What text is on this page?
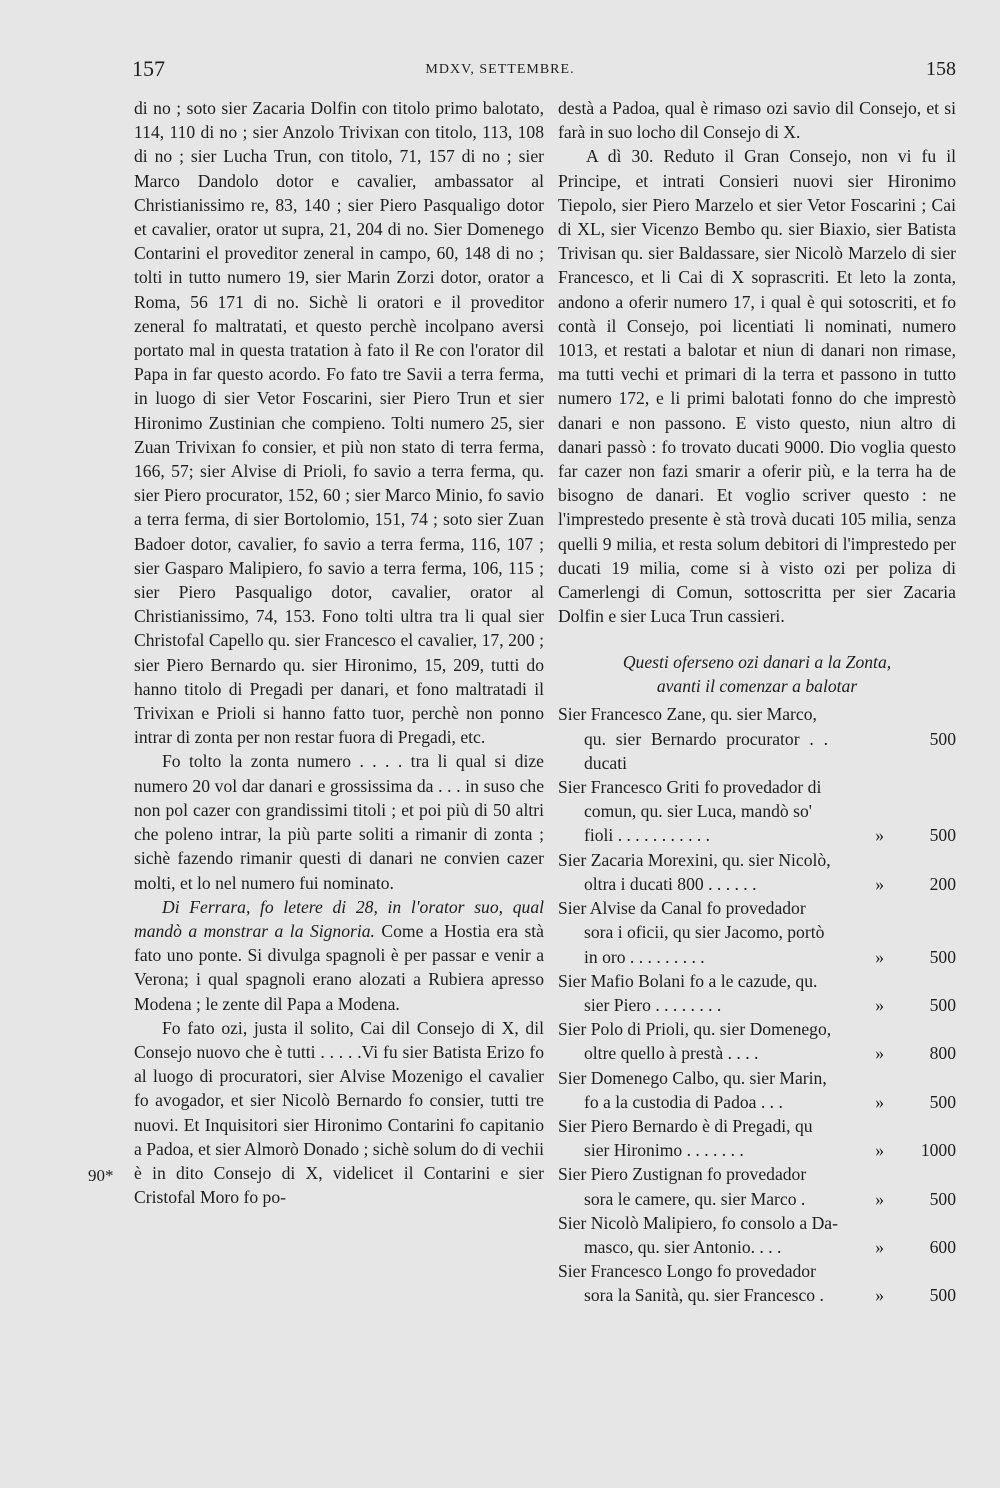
157	MDXV, SETTEMBRE.	158
90*

di no ; soto sier Zacaria Dolfin con titolo primo balotato, 114, 110 di no ; sier Anzolo Trivixan con titolo, 113, 108 di no ; sier Lucha Trun, con titolo, 71, 157 di no ; sier Marco Dandolo dotor e cavalier, ambassator al Christianissimo re, 83, 140 ; sier Piero Pasqualigo dotor et cavalier, orator ut supra, 21, 204 di no. Sier Domenego Contarini el proveditor zeneral in campo, 60, 148 di no ; tolti in tutto numero 19, sier Marin Zorzi dotor, orator a Roma, 56 171 di no. Sichè li oratori e il proveditor zeneral fo maltratati, et questo perchè incolpano aversi portato mal in questa tratation à fato il Re con l'orator dil Papa in far questo acordo. Fo fato tre Savii a terra ferma, in luogo di sier Vetor Foscarini, sier Piero Trun et sier Hironimo Zustinian che compieno. Tolti numero 25, sier Zuan Trivixan fo consier, et più non stato di terra ferma, 166, 57; sier Alvise di Prioli, fo savio a terra ferma, qu. sier Piero procurator, 152, 60 ; sier Marco Minio, fo savio a terra ferma, di sier Bortolomio, 151, 74 ; soto sier Zuan Badoer dotor, cavalier, fo savio a terra ferma, 116, 107 ; sier Gasparo Malipiero, fo savio a terra ferma, 106, 115 ; sier Piero Pasqualigo dotor, cavalier, orator al Christianissimo, 74, 153. Fono tolti ultra tra li qual sier Christofal Capello qu. sier Francesco el cavalier, 17, 200 ; sier Piero Bernardo qu. sier Hironimo, 15, 209, tutti do hanno titolo di Pregadi per danari, et fono maltratadi il Trivixan e Prioli si hanno fatto tuor, perchè non ponno intrar di zonta per non restar fuora di Pregadi, etc.

Fo tolto la zonta numero . . . . tra li qual si dize numero 20 vol dar danari e grossissima da . . . in suso che non pol cazer con grandissimi titoli ; et poi più di 50 altri che poleno intrar, la più parte soliti a rimanir di zonta ; sichè fazendo rimanir questi di danari ne convien cazer molti, et lo nel numero fui nominato.

Di Ferrara, fo letere di 28, in l'orator suo, qual mandò a monstrar a la Signoria. Come a Hostia era stà fato uno ponte. Si divulga spagnoli è per passar e venir a Verona; i qual spagnoli erano alozati a Rubiera apresso Modena ; le zente dil Papa a Modena.

Fo fato ozi, justa il solito, Cai dil Consejo di X, dil Consejo nuovo che è tutti . . . . .Vi fu sier Batista Erizo fo al luogo di procuratori, sier Alvise Mozenigo el cavalier fo avogador, et sier Nicolò Bernardo fo consier, tutti tre nuovi. Et Inquisitori sier Hironimo Contarini fo capitanio a Padoa, et sier Almorò Donado ; sichè solum do di vechii è in dito Consejo di X, videlicet il Contarini e sier Cristofal Moro fo po-

destà a Padoa, qual è rimaso ozi savio dil Consejo, et si farà in suo locho dil Consejo di X.

A dì 30. Reduto il Gran Consejo, non vi fu il Principe, et intrati Consieri nuovi sier Hironimo Tiepolo, sier Piero Marzelo et sier Vetor Foscarini ; Cai di XL, sier Vicenzo Bembo qu. sier Biaxio, sier Batista Trivisan qu. sier Baldassare, sier Nicolò Marzelo di sier Francesco, et li Cai di X soprascriti. Et leto la zonta, andono a oferir numero 17, i qual è qui sotoscriti, et fo contà il Consejo, poi licentiati li nominati, numero 1013, et restati a balotar et niun di danari non rimase, ma tutti vechi et primari di la terra et passono in tutto numero 172, e li primi balotati fonno do che imprestò danari e non passono. E visto questo, niun altro di danari passò : fo trovato ducati 9000. Dio voglia questo far cazer non fazi smarir a oferir più, e la terra ha de bisogno de danari. Et voglio scriver questo : ne l'imprestedo presente è stà trovà ducati 105 milia, senza quelli 9 milia, et resta solum debitori di l'imprestedo per ducati 19 milia, come si à visto ozi per poliza di Camerlengi di Comun, sottoscritta per sier Zacaria Dolfin e sier Luca Trun cassieri.

Questi oferseno ozi danari a la Zonta,
avanti il comenzar a balotar

Sier Francesco Zane, qu. sier Marco,
qu. sier Bernardo procurator . . ducati
500
Sier Francesco Griti fo provedador di
comun, qu. sier Luca, mandò so'
fioli . . . . . . . . . . .	»	500
Sier Zacaria Morexini, qu. sier Nicolò,
oltra i ducati 800 . . . . . .	»	200
Sier Alvise da Canal fo provedador
sora i oficii, qu sier Jacomo, portò
in oro . . . . . . . . .	»	500
Sier Mafio Bolani fo a le cazude, qu.
sier Piero . . . . . . . .	»	500
Sier Polo di Prioli, qu. sier Domenego,
oltre quello à prestà . . . .	»	800
Sier Domenego Calbo, qu. sier Marin,
fo a la custodia di Padoa . . .	»	500
Sier Piero Bernardo è di Pregadi, qu
sier Hironimo . . . . . . .	»	1000
Sier Piero Zustignan fo provedador
sora le camere, qu. sier Marco .	»	500
Sier Nicolò Malipiero, fo consolo a Da-
masco, qu. sier Antonio. . . .	»	600
Sier Francesco Longo fo provedador
sora la Sanità, qu. sier Francesco .	»	500
